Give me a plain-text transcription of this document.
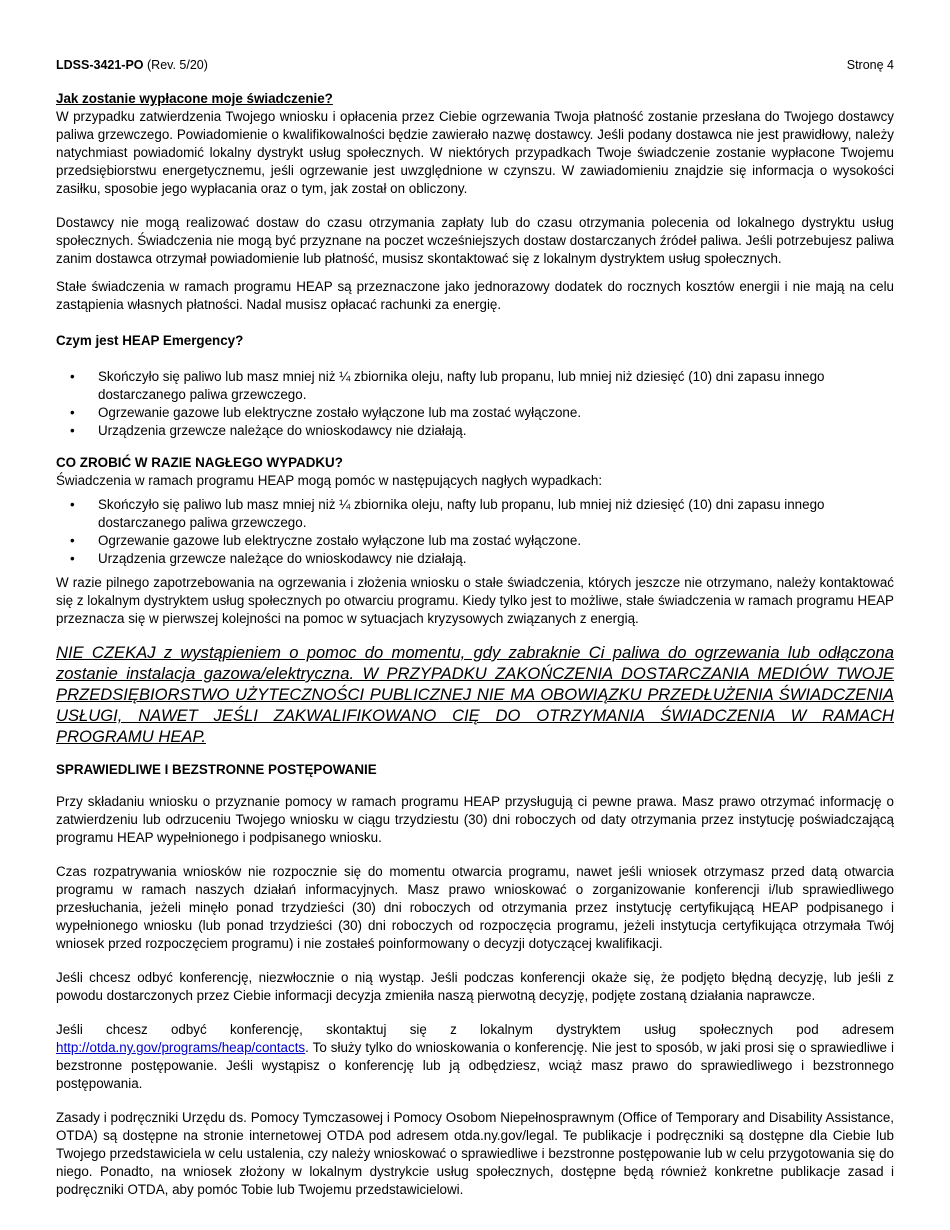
LDSS-3421-PO (Rev. 5/20)	Stronę 4
Jak zostanie wypłacone moje świadczenie?

W przypadku zatwierdzenia Twojego wniosku i opłacenia przez Ciebie ogrzewania Twoja płatność zostanie przesłana do Twojego dostawcy paliwa grzewczego. Powiadomienie o kwalifikowalności będzie zawierało nazwę dostawcy. Jeśli podany dostawca nie jest prawidłowy, należy natychmiast powiadomić lokalny dystrykt usług społecznych. W niektórych przypadkach Twoje świadczenie zostanie wypłacone Twojemu przedsiębiorstwu energetycznemu, jeśli ogrzewanie jest uwzględnione w czynszu. W zawiadomieniu znajdzie się informacja o wysokości zasiłku, sposobie jego wypłacania oraz o tym, jak został on obliczony.

Dostawcy nie mogą realizować dostaw do czasu otrzymania zapłaty lub do czasu otrzymania polecenia od lokalnego dystryktu usług społecznych. Świadczenia nie mogą być przyznane na poczet wcześniejszych dostaw dostarczanych źródeł paliwa. Jeśli potrzebujesz paliwa zanim dostawca otrzymał powiadomienie lub płatność, musisz skontaktować się z lokalnym dystryktem usług społecznych.

Stałe świadczenia w ramach programu HEAP są przeznaczone jako jednorazowy dodatek do rocznych kosztów energii i nie mają na celu zastąpienia własnych płatności. Nadal musisz opłacać rachunki za energię.

Czym jest HEAP Emergency?
• Skończyło się paliwo lub masz mniej niż ¼ zbiornika oleju, nafty lub propanu, lub mniej niż dziesięć (10) dni zapasu innego dostarczanego paliwa grzewczego.
• Ogrzewanie gazowe lub elektryczne zostało wyłączone lub ma zostać wyłączone.
• Urządzenia grzewcze należące do wnioskodawcy nie działają.
CO ZROBIĆ W RAZIE NAGŁEGO WYPADKU?

Świadczenia w ramach programu HEAP mogą pomóc w następujących nagłych wypadkach:

• Skończyło się paliwo lub masz mniej niż ¼ zbiornika oleju, nafty lub propanu, lub mniej niż dziesięć (10) dni zapasu innego dostarczanego paliwa grzewczego.
• Ogrzewanie gazowe lub elektryczne zostało wyłączone lub ma zostać wyłączone.
• Urządzenia grzewcze należące do wnioskodawcy nie działają.

W razie pilnego zapotrzebowania na ogrzewania i złożenia wniosku o stałe świadczenia, których jeszcze nie otrzymano, należy kontaktować się z lokalnym dystryktem usług społecznych po otwarciu programu. Kiedy tylko jest to możliwe, stałe świadczenia w ramach programu HEAP przeznacza się w pierwszej kolejności na pomoc w sytuacjach kryzysowych związanych z energią.

NIE CZEKAJ z wystąpieniem o pomoc do momentu, gdy zabraknie Ci paliwa do ogrzewania lub odłączona zostanie instalacja gazowa/elektryczna. W PRZYPADKU ZAKOŃCZENIA DOSTARCZANIA MEDIÓW TWOJE PRZEDSIĘBIORSTWO UŻYTECZNOŚCI PUBLICZNEJ NIE MA OBOWIĄZKU PRZEDŁUŻENIA ŚWIADCZENIA USŁUGI, NAWET JEŚLI ZAKWALIFIKOWANO CIĘ DO OTRZYMANIA ŚWIADCZENIA W RAMACH PROGRAMU HEAP.

SPRAWIEDLIWE I BEZSTRONNE POSTĘPOWANIE

Przy składaniu wniosku o przyznanie pomocy w ramach programu HEAP przysługują ci pewne prawa. Masz prawo otrzymać informację o zatwierdzeniu lub odrzuceniu Twojego wniosku w ciągu trzydziestu (30) dni roboczych od daty otrzymania przez instytucję poświadczającą programu HEAP wypełnionego i podpisanego wniosku.

Czas rozpatrywania wniosków nie rozpocznie się do momentu otwarcia programu, nawet jeśli wniosek otrzymasz przed datą otwarcia programu w ramach naszych działań informacyjnych. Masz prawo wnioskować o zorganizowanie konferencji i/lub sprawiedliwego przesłuchania, jeżeli minęło ponad trzydzieści (30) dni roboczych od otrzymania przez instytucję certyfikującą HEAP podpisanego i wypełnionego wniosku (lub ponad trzydzieści (30) dni roboczych od rozpoczęcia programu, jeżeli instytucja certyfikująca otrzymała Twój wniosek przed rozpoczęciem programu) i nie zostałeś poinformowany o decyzji dotyczącej kwalifikacji.

Jeśli chcesz odbyć konferencję, niezwłocznie o nią wystąp. Jeśli podczas konferencji okaże się, że podjęto błędną decyzję, lub jeśli z powodu dostarczonych przez Ciebie informacji decyzja zmieniła naszą pierwotną decyzję, podjęte zostaną działania naprawcze.

Jeśli chcesz odbyć konferencję, skontaktuj się z lokalnym dystryktem usług społecznych pod adresem http://otda.ny.gov/programs/heap/contacts. To służy tylko do wnioskowania o konferencję. Nie jest to sposób, w jaki prosi się o sprawiedliwe i bezstronne postępowanie. Jeśli wystąpisz o konferencję lub ją odbędziesz, wciąż masz prawo do sprawiedliwego i bezstronnego postępowania.

Zasady i podręczniki Urzędu ds. Pomocy Tymczasowej i Pomocy Osobom Niepełnosprawnym (Office of Temporary and Disability Assistance, OTDA) są dostępne na stronie internetowej OTDA pod adresem otda.ny.gov/legal. Te publikacje i podręczniki są dostępne dla Ciebie lub Twojego przedstawiciela w celu ustalenia, czy należy wnioskować o sprawiedliwe i bezstronne postępowanie lub w celu przygotowania się do niego. Ponadto, na wniosek złożony w lokalnym dystrykcie usług społecznych, dostępne będą również konkretne publikacje zasad i podręczniki OTDA, aby pomóc Tobie lub Twojemu przedstawicielowi.
